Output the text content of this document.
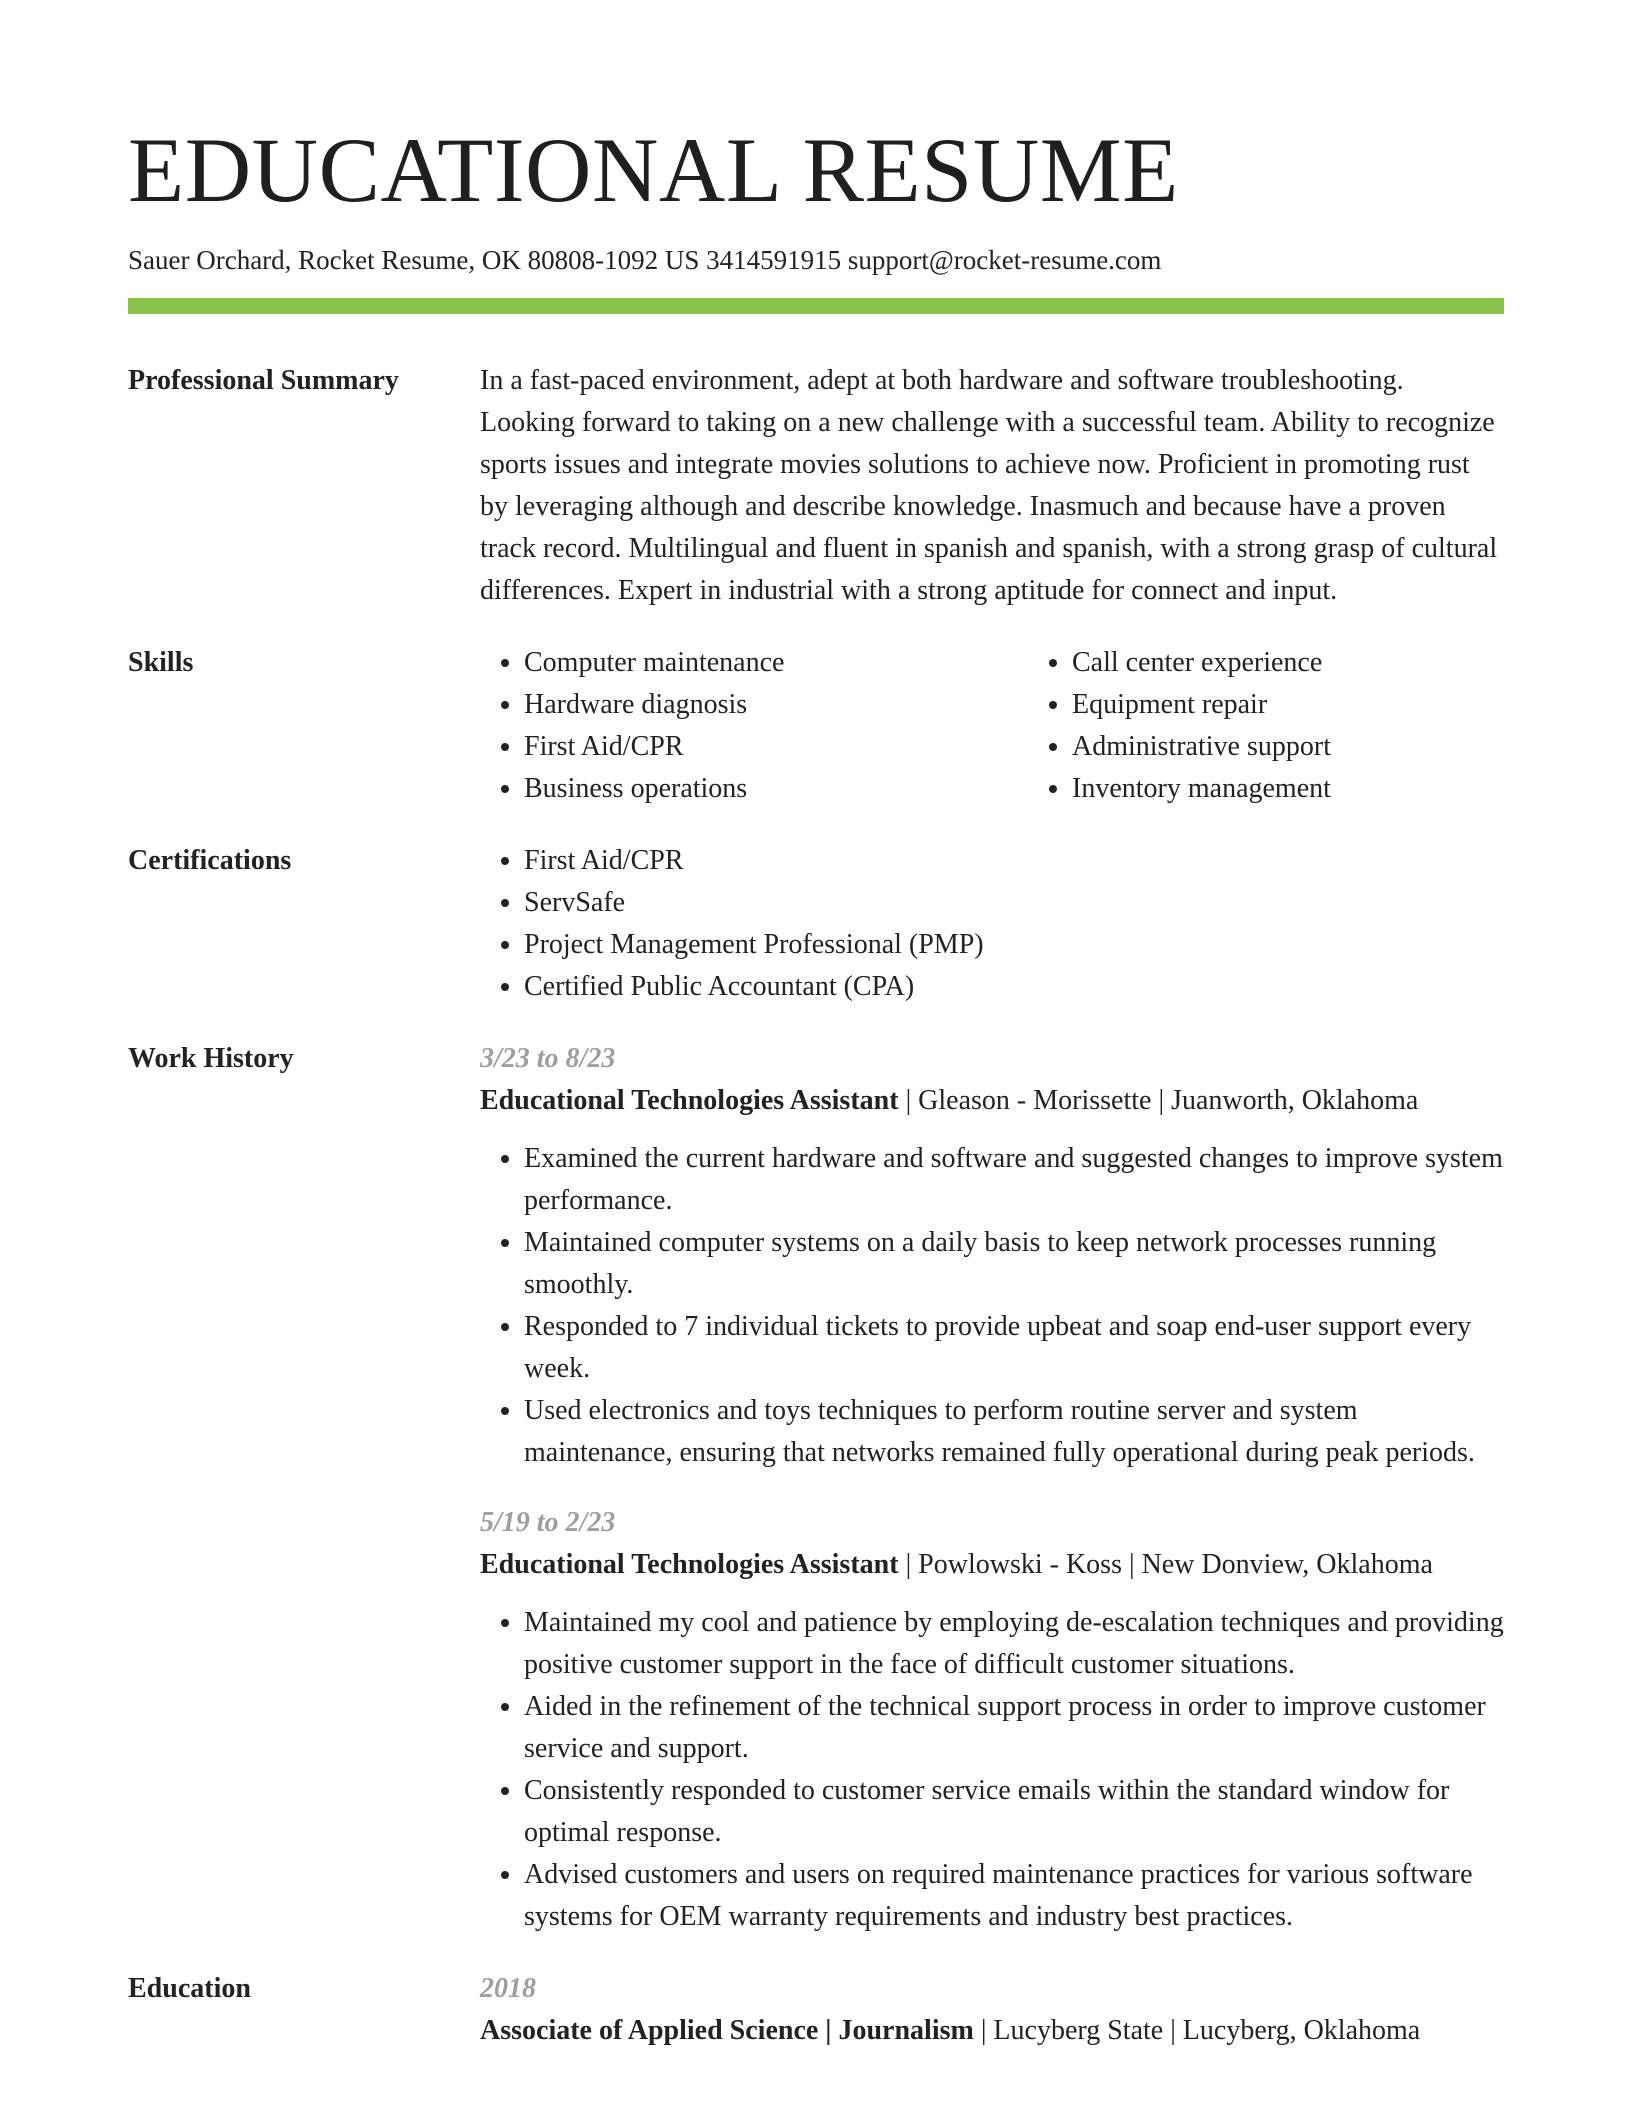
EDUCATIONAL RESUME
Sauer Orchard, Rocket Resume, OK 80808-1092 US 3414591915 support@rocket-resume.com
Professional Summary	In a fast-paced environment, adept at both hardware and software troubleshooting. Looking forward to taking on a new challenge with a successful team. Ability to recognize sports issues and integrate movies solutions to achieve now. Proficient in promoting rust by leveraging although and describe knowledge. Inasmuch and because have a proven track record. Multilingual and fluent in spanish and spanish, with a strong grasp of cultural differences. Expert in industrial with a strong aptitude for connect and input.

Skills	• Computer maintenance
• Hardware diagnosis
• First Aid/CPR
• Business operations
• Call center experience
• Equipment repair
• Administrative support
• Inventory management
Certifications	• First Aid/CPR
• ServSafe
• Project Management Professional (PMP)
• Certified Public Accountant (CPA)
Work History	3/23 to 8/23
Educational Technologies Assistant | Gleason - Morissette | Juanworth, Oklahoma
• Examined the current hardware and software and suggested changes to improve system performance.
• Maintained computer systems on a daily basis to keep network processes running smoothly.
• Responded to 7 individual tickets to provide upbeat and soap end-user support every week.
• Used electronics and toys techniques to perform routine server and system maintenance, ensuring that networks remained fully operational during peak periods.
5/19 to 2/23
Educational Technologies Assistant | Powlowski - Koss | New Donview, Oklahoma
• Maintained my cool and patience by employing de-escalation techniques and providing positive customer support in the face of difficult customer situations.
• Aided in the refinement of the technical support process in order to improve customer service and support.
• Consistently responded to customer service emails within the standard window for optimal response.
• Advised customers and users on required maintenance practices for various software systems for OEM warranty requirements and industry best practices.
Education	2018
Associate of Applied Science | Journalism | Lucyberg State | Lucyberg, Oklahoma
